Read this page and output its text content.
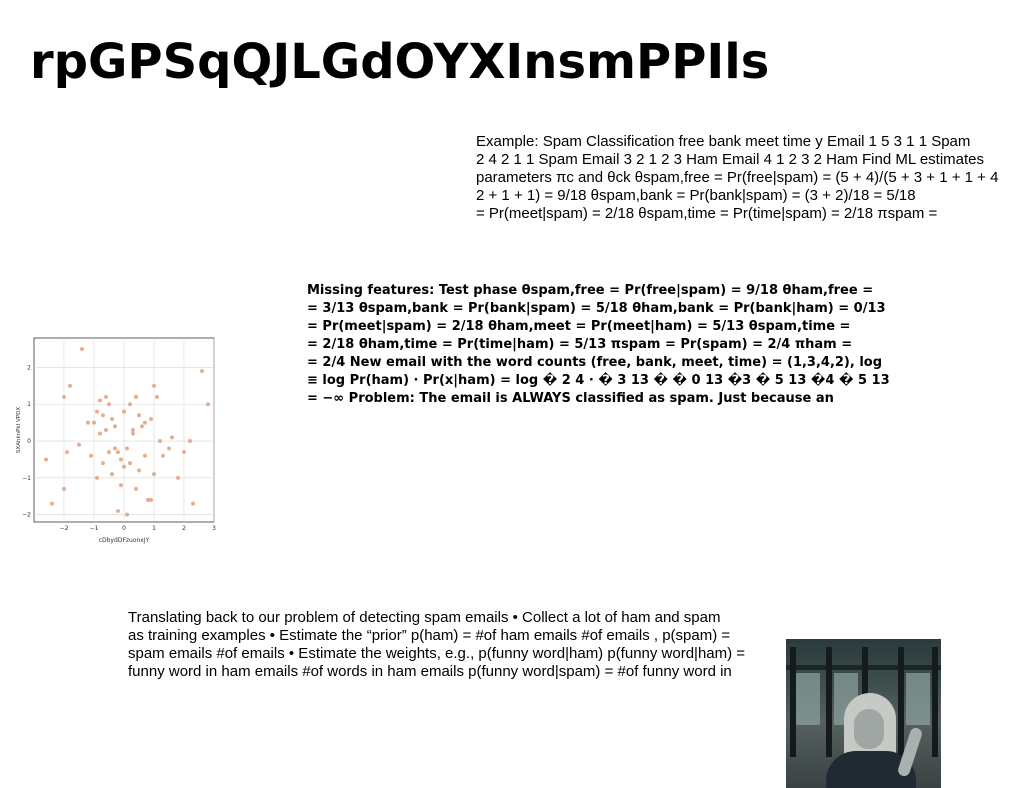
rpGPSqQJLGdOYXInsmPPIls

Example: Spam Classification free bank meet time y Email 1 5 3 1 1 Spam
2 4 2 1 1 Spam Email 3 2 1 2 3 Ham Email 4 1 2 3 2 Ham Find ML estimates
parameters πc and θck θspam,free = Pr(free|spam) = (5 + 4)/(5 + 3 + 1 + 1 + 4
2 + 1 + 1) = 9/18 θspam,bank = Pr(bank|spam) = (3 + 2)/18 = 5/18
= Pr(meet|spam) = 2/18 θspam,time = Pr(time|spam) = 2/18 πspam =

Missing features: Test phase θspam,free = Pr(free|spam) = 9/18 θham,free =
= 3/13 θspam,bank = Pr(bank|spam) = 5/18 θham,bank = Pr(bank|ham) = 0/13
= Pr(meet|spam) = 2/18 θham,meet = Pr(meet|ham) = 5/13 θspam,time =
= 2/18 θham,time = Pr(time|ham) = 5/13 πspam = Pr(spam) = 2/4 πham =
= 2/4 New email with the word counts (free, bank, meet, time) = (1,3,4,2), log
≡ log Pr(ham) · Pr(x|ham) = log � 2 4 · � 3 13 � � 0 13 �3 � 5 13 �4 � 5 13
= −∞ Problem: The email is ALWAYS classified as spam. Just because an

−2	−1	0	1	2	3
−2
−1
0
1
2
cDbydDFzuonxJY
SXAhknPkI VPDX

Translating back to our problem of detecting spam emails • Collect a lot of ham and spam
as training examples • Estimate the “prior” p(ham) = #of ham emails #of emails , p(spam) =
spam emails #of emails • Estimate the weights, e.g., p(funny word|ham) p(funny word|ham) =
funny word in ham emails #of words in ham emails p(funny word|spam) = #of funny word in
